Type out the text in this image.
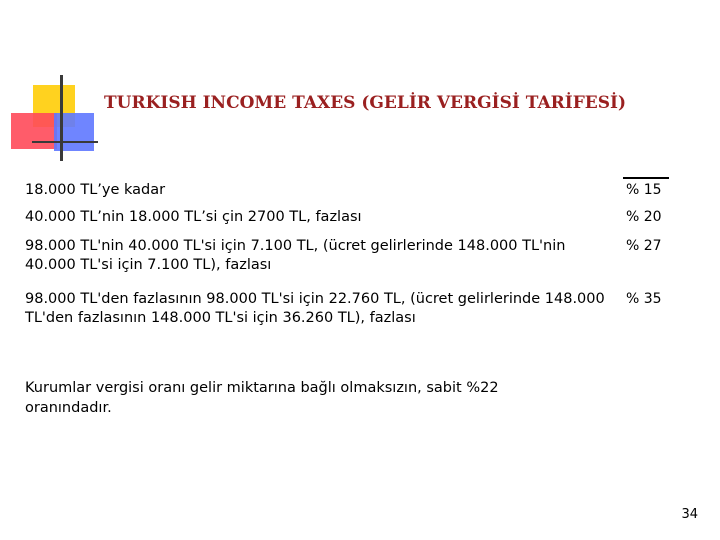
TURKISH INCOME TAXES (GELİR VERGİSİ TARİFESİ)
18.000 TL’ye kadar	% 15
40.000 TL’nin 18.000 TL’si çin 2700 TL, fazlası	% 20
98.000 TL'nin 40.000 TL'si için 7.100 TL, (ücret gelirlerinde 148.000 TL'nin 40.000 TL'si için 7.100 TL), fazlası
% 27
98.000 TL'den fazlasının 98.000 TL'si için 22.760 TL, (ücret gelirlerinde 148.000 TL'den fazlasının 148.000 TL'si için 36.260 TL), fazlası
% 35
Kurumlar vergisi oranı gelir miktarına bağlı olmaksızın, sabit %22 oranındadır.
34
